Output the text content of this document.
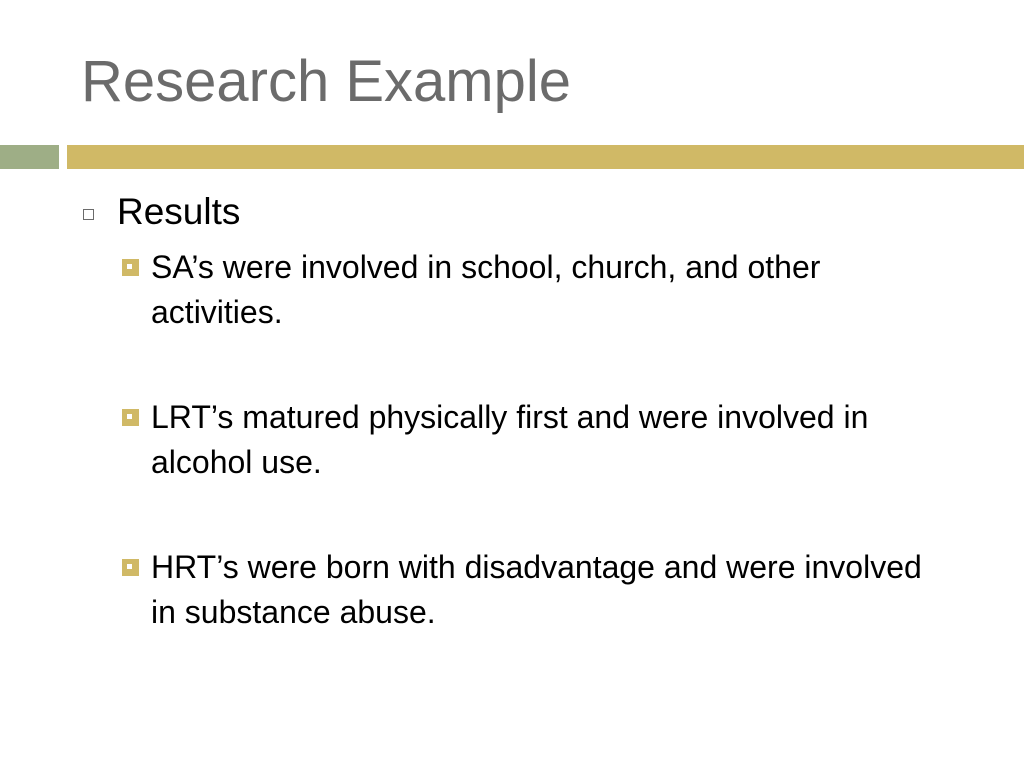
Research Example
Results
SA’s were involved in school, church, and other activities.
LRT’s matured physically first and were involved in alcohol use.
HRT’s were born with disadvantage and were involved in substance abuse.
